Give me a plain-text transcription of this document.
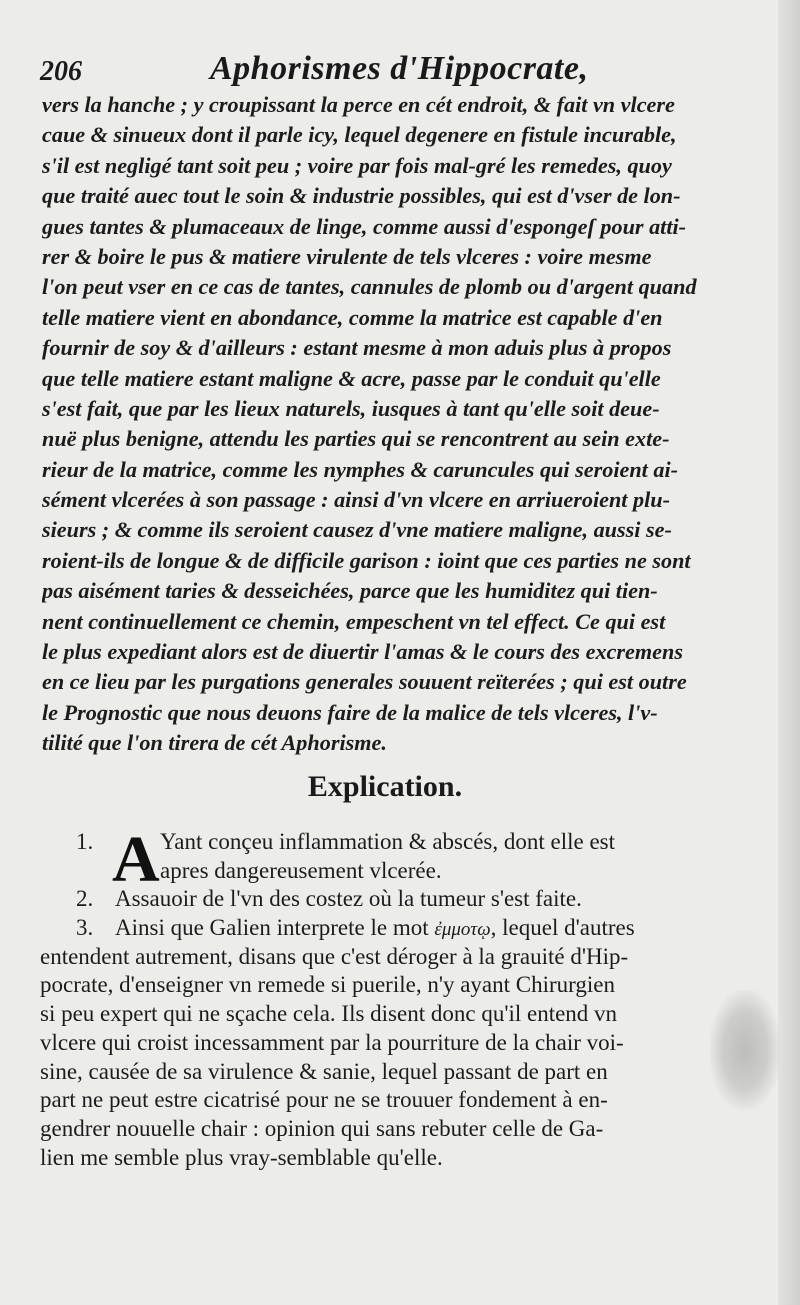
206	Aphorismes d'Hippocrate,
vers la hanche ; y croupissant la perce en cét endroit, & fait vn vlcere
caue & sinueux dont il parle icy, lequel degenere en fistule incurable,
s'il est negligé tant soit peu ; voire par fois mal-gré les remedes, quoy
que traité auec tout le soin & industrie possibles, qui est d'vser de lon-
gues tantes & plumaceaux de linge, comme aussi d'espongeſ pour atti-
rer & boire le pus & matiere virulente de tels vlceres : voire mesme
l'on peut vser en ce cas de tantes, cannules de plomb ou d'argent quand
telle matiere vient en abondance, comme la matrice est capable d'en
fournir de soy & d'ailleurs : estant mesme à mon aduis plus à propos
que telle matiere estant maligne & acre, passe par le conduit qu'elle
s'est fait, que par les lieux naturels, iusques à tant qu'elle soit deue-
nuë plus benigne, attendu les parties qui se rencontrent au sein exte-
rieur de la matrice, comme les nymphes & caruncules qui seroient ai-
sément vlcerées à son passage : ainsi d'vn vlcere en arriueroient plu-
sieurs ; & comme ils seroient causez d'vne matiere maligne, aussi se-
roient-ils de longue & de difficile garison : ioint que ces parties ne sont
pas aisément taries & desseichées, parce que les humiditez qui tien-
nent continuellement ce chemin, empeschent vn tel effect. Ce qui est
le plus expediant alors est de diuertir l'amas & le cours des excremens
en ce lieu par les purgations generales souuent reïterées ; qui est outre
le Prognostic que nous deuons faire de la malice de tels vlceres, l'v-
tilité que l'on tirera de cét Aphorisme.
Explication.
1. A Yant conçeu inflammation & abscés, dont elle est
apres dangereusement vlcerée.
2. Assauoir de l'vn des costez où la tumeur s'est faite.
3. Ainsi que Galien interprete le mot ἐμμοτῳ, lequel d'autres
entendent autrement, disans que c'est déroger à la grauité d'Hip-
pocrate, d'enseigner vn remede si puerile, n'y ayant Chirurgien
si peu expert qui ne sçache cela. Ils disent donc qu'il entend vn
vlcere qui croist incessamment par la pourriture de la chair voi-
sine, causée de sa virulence & sanie, lequel passant de part en
part ne peut estre cicatrisé pour ne se trouuer fondement à en-
gendrer nouuelle chair : opinion qui sans rebuter celle de Ga-
lien me semble plus vray-semblable qu'elle.
